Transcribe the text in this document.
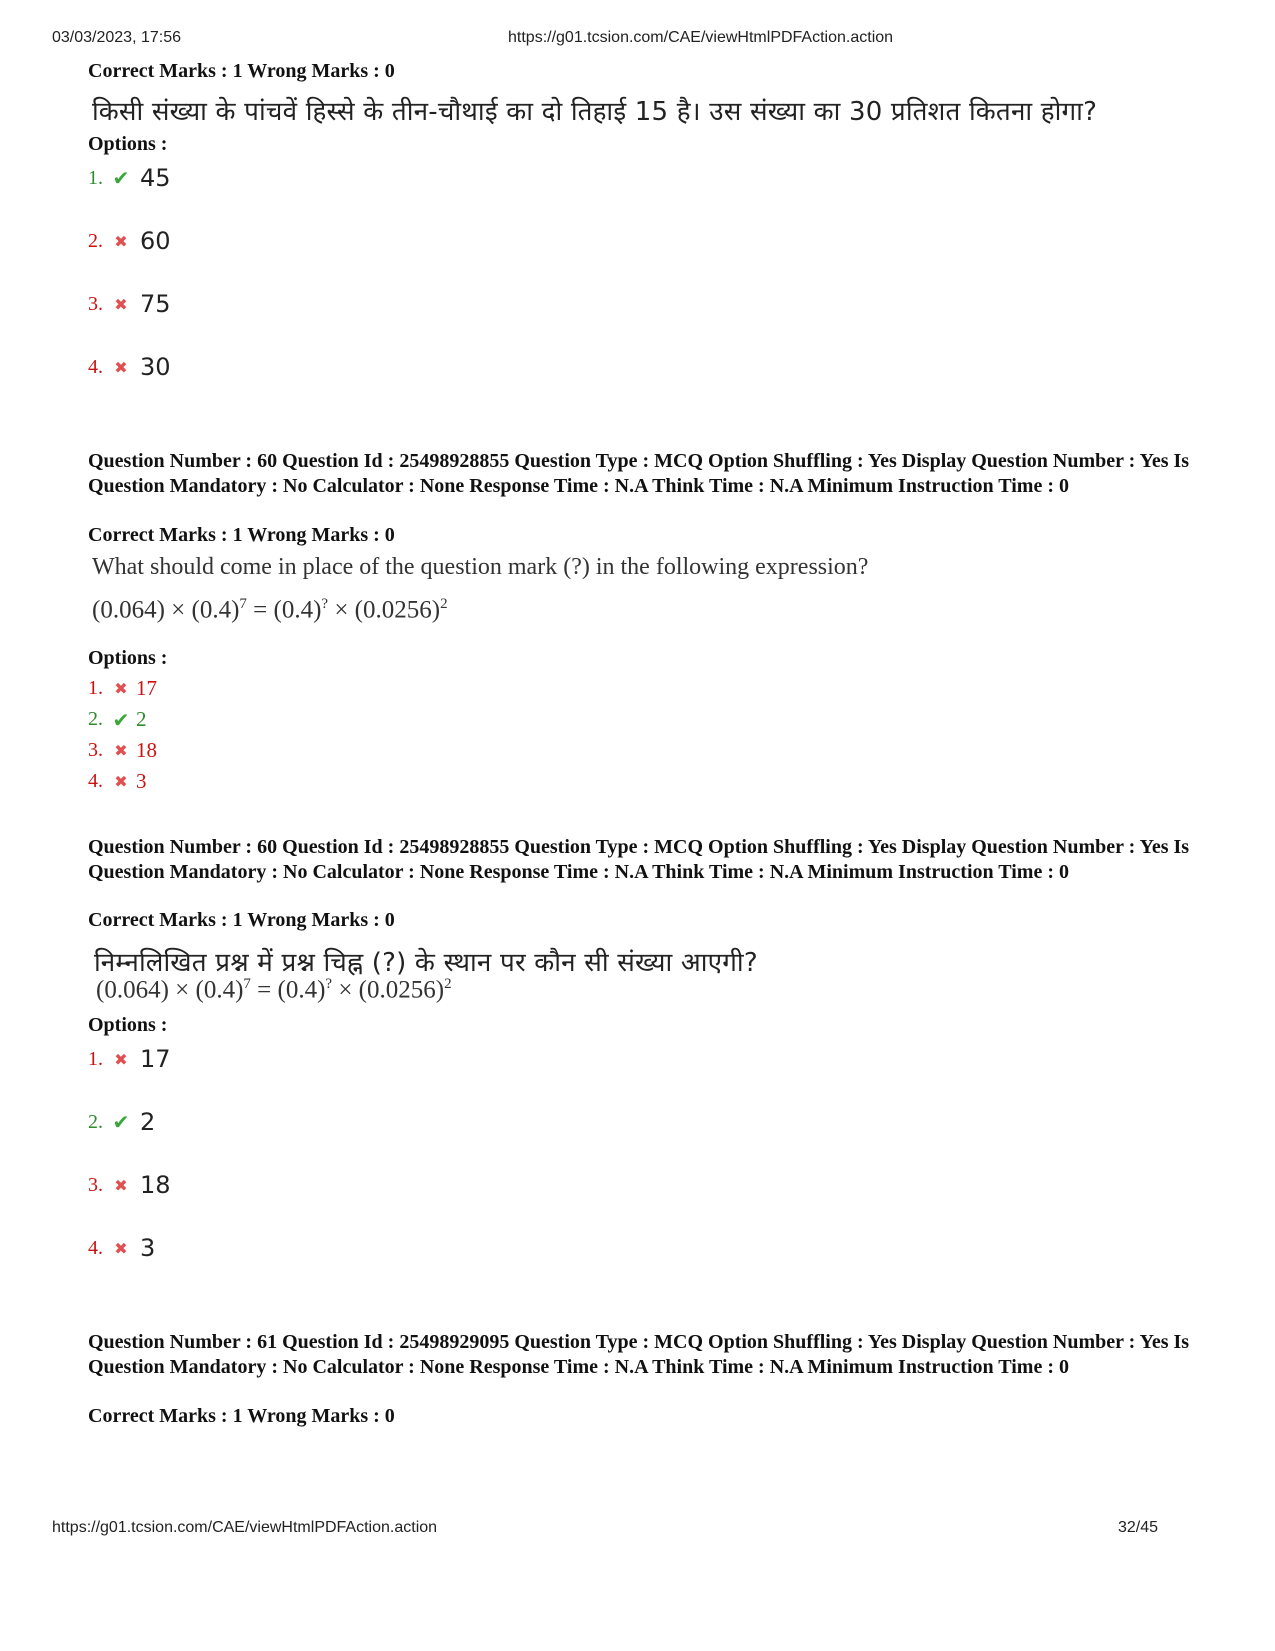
03/03/2023, 17:56	https://g01.tcsion.com/CAE/viewHtmlPDFAction.action
Correct Marks : 1 Wrong Marks : 0
किसी संख्या के पांचवें हिस्से के तीन-चौथाई का दो तिहाई 15 है। उस संख्या का 30 प्रतिशत कितना होगा?
Options :
1. ✔ 45
2. ✖ 60
3. ✖ 75
4. ✖ 30
Question Number : 60 Question Id : 25498928855 Question Type : MCQ Option Shuffling : Yes Display Question Number : Yes Is Question Mandatory : No Calculator : None Response Time : N.A Think Time : N.A Minimum Instruction Time : 0
Correct Marks : 1 Wrong Marks : 0
What should come in place of the question mark (?) in the following expression?
$(0.064) \times (0.4)^7 = (0.4)^? \times (0.0256)^2$
Options :
1. ✖ 17
2. ✔ 2
3. ✖ 18
4. ✖ 3
Question Number : 60 Question Id : 25498928855 Question Type : MCQ Option Shuffling : Yes Display Question Number : Yes Is Question Mandatory : No Calculator : None Response Time : N.A Think Time : N.A Minimum Instruction Time : 0
Correct Marks : 1 Wrong Marks : 0
निम्नलिखित प्रश्न में प्रश्न चिह्न (?) के स्थान पर कौन सी संख्या आएगी?
$(0.064) \times (0.4)^7 = (0.4)^? \times (0.0256)^2$
Options :
1. ✖ 17
2. ✔ 2
3. ✖ 18
4. ✖ 3
Question Number : 61 Question Id : 25498929095 Question Type : MCQ Option Shuffling : Yes Display Question Number : Yes Is Question Mandatory : No Calculator : None Response Time : N.A Think Time : N.A Minimum Instruction Time : 0
Correct Marks : 1 Wrong Marks : 0
https://g01.tcsion.com/CAE/viewHtmlPDFAction.action	32/45
